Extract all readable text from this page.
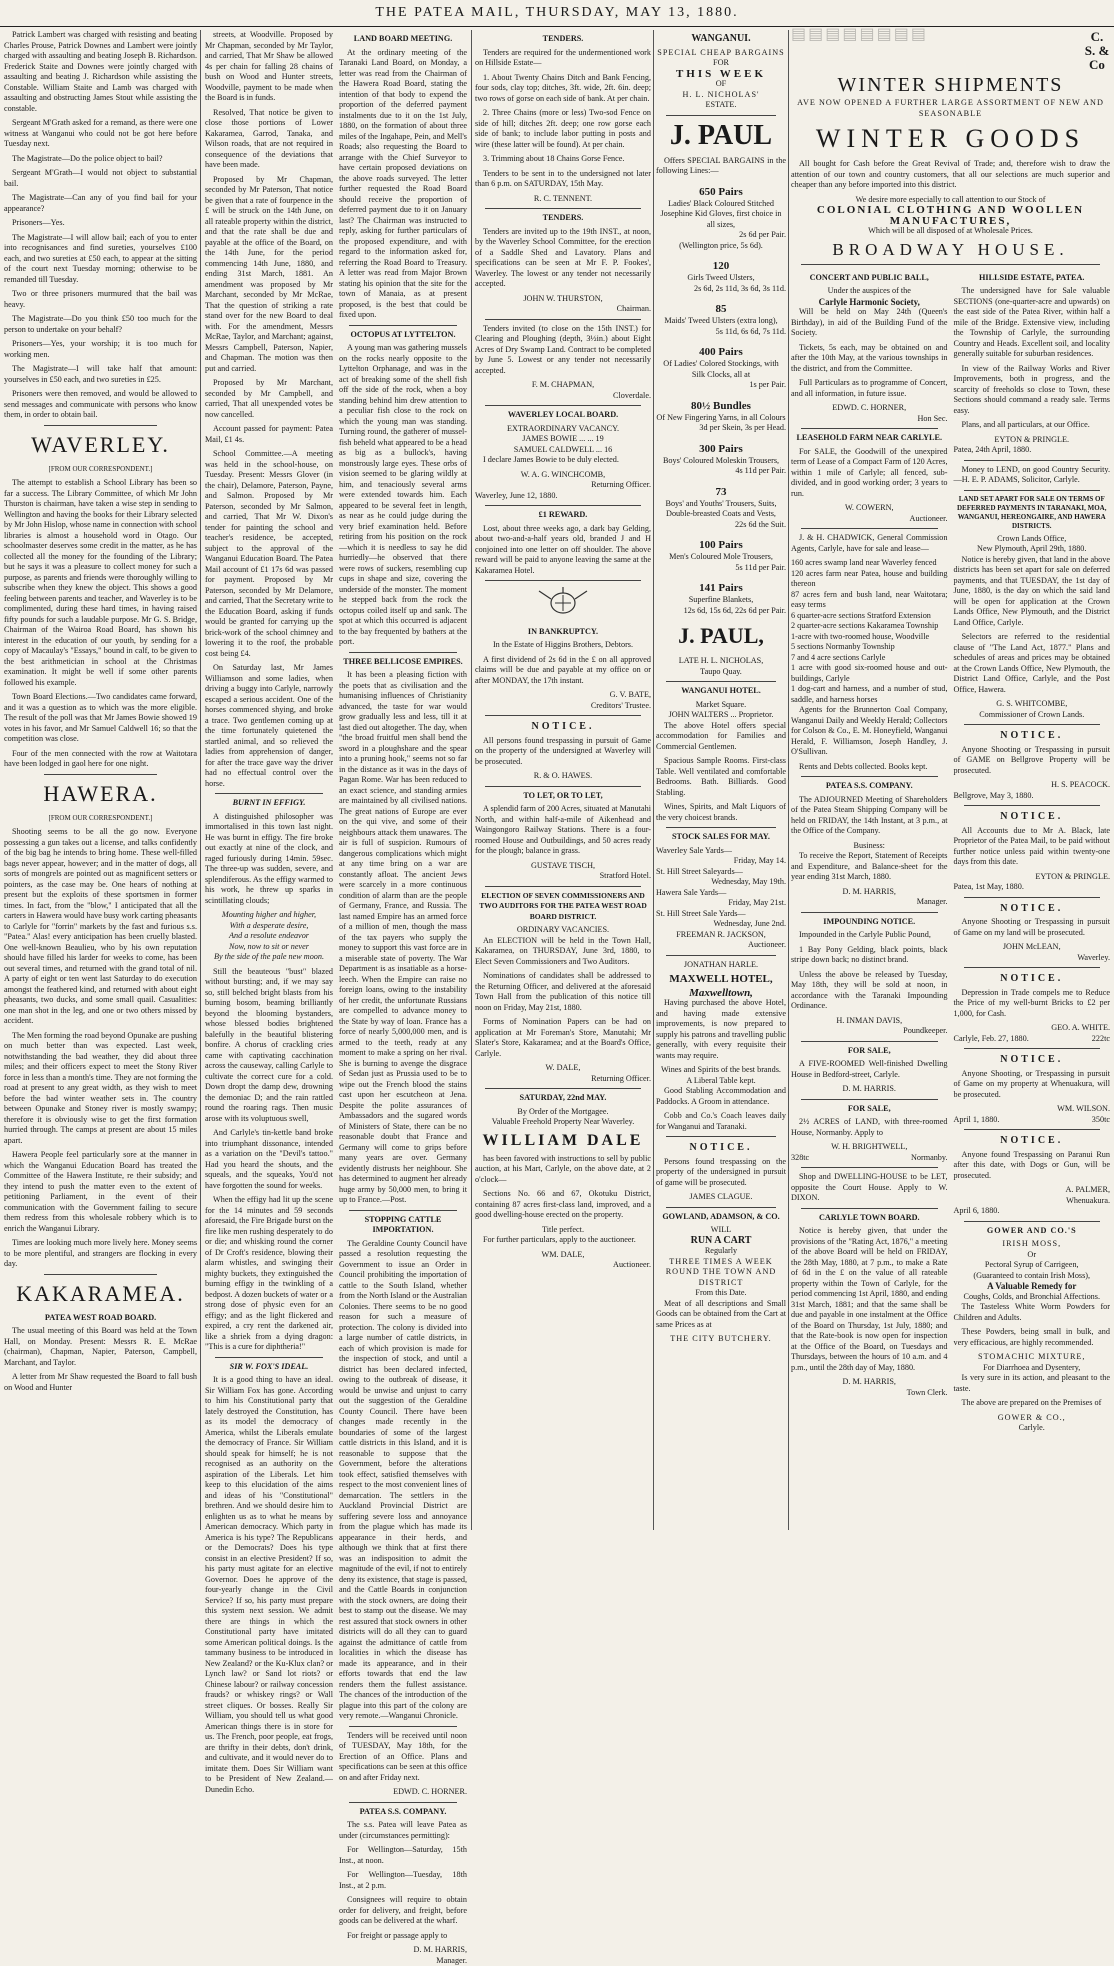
THE PATEA MAIL, THURSDAY, MAY 13, 1880.

Patrick Lambert was charged with resisting and beating Charles Prouse, Patrick Downes and Lambert were jointly charged with assaulting and beating Joseph B. Richardson. Frederick Staite and Downes were jointly charged with assaulting and beating J. Richardson while assisting the Constable. William Staite and Lamb was charged with assaulting and obstructing James Stout while assisting the constable.

Sergeant M'Grath asked for a remand, as there were one witness at Wanganui who could not be got here before Tuesday next.

The Magistrate—Do the police object to bail?

Sergeant M'Grath—I would not object to substantial bail.

The Magistrate—Can any of you find bail for your appearance?

Prisoners—Yes.

The Magistrate—I will allow bail; each of you to enter into recognisances and find sureties, yourselves £100 each, and two sureties at £50 each, to appear at the sitting of the court next Tuesday morning; otherwise to be remanded till Tuesday.

Two or three prisoners murmured that the bail was heavy.

The Magistrate—Do you think £50 too much for the person to undertake on your behalf?

Prisoners—Yes, your worship; it is too much for working men.

The Magistrate—I will take half that amount: yourselves in £50 each, and two sureties in £25.

Prisoners were then removed, and would be allowed to send messages and communicate with persons who know them, in order to obtain bail.

WAVERLEY.
[FROM OUR CORRESPONDENT.]

The attempt to establish a School Library has been so far a success. The Library Committee, of which Mr John Thurston is chairman, have taken a wise step in sending to Wellington and having the books for their Library selected by Mr John Hislop, whose name in connection with school libraries is almost a household word in Otago. Our schoolmaster deserves some credit in the matter, as he has collected all the money for the founding of the Library; but he says it was a pleasure to collect money for such a purpose, as parents and friends were thoroughly willing to subscribe when they knew the object. This shows a good feeling between parents and teacher, and Waverley is to be complimented, during these hard times, in having raised fifty pounds for such a laudable purpose. Mr G. S. Bridge, Chairman of the Wairoa Road Board, has shown his interest in the education of our youth, by sending for a copy of Macaulay's "Essays," bound in calf, to be given to the best arithmetician in school at the Christmas examination. It might be well if some other parents followed his example.

Town Board Elections.—Two candidates came forward, and it was a question as to which was the more eligible. The result of the poll was that Mr James Bowie showed 19 votes in his favor, and Mr Samuel Caldwell 16; so that the competition was close.

Four of the men connected with the row at Waitotara have been lodged in gaol here for one night.

HAWERA.
[FROM OUR CORRESPONDENT.]

Shooting seems to be all the go now. Everyone possessing a gun takes out a license, and talks confidently of the big bag he intends to bring home. These well-filled bags never appear, however; and in the matter of dogs, all sorts of mongrels are pointed out as magnificent setters or pointers, as the case may be. One hears of nothing at present but the exploits of these sportsmen in former times. In fact, from the "blow," I anticipated that all the carters in Hawera would have busy work carting pheasants to Carlyle for "forrin" markets by the fast and furious s.s. "Patea." Alas! every anticipation has been cruelly blasted. One well-known Beaulieu, who by his own reputation should have filled his larder for weeks to come, has been out several times, and returned with the grand total of nil. A party of eight or ten went last Saturday to do execution amongst the feathered kind, and returned with about eight pheasants, two ducks, and some small quail. Casualities: one man shot in the leg, and one or two others missed by accident.

The Men forming the road beyond Opunake are pushing on much better than was expected. Last week, notwithstanding the bad weather, they did about three miles; and their officers expect to meet the Stony River force in less than a month's time. They are not forming the road at present to any great width, as they wish to meet before the bad winter weather sets in. The country between Opunake and Stoney river is mostly swampy; therefore it is obviously wise to get the first formation hurried through. The camps at present are about 15 miles apart.

Hawera People feel particularly sore at the manner in which the Wanganui Education Board has treated the Committee of the Hawera Institute, re their subsidy; and they intend to push the matter even to the extent of petitioning Parliament, in the event of their communication with the Government failing to secure them redress from this wholesale robbery which is to enrich the Wanganui Library.

Times are looking much more lively here. Money seems to be more plentiful, and strangers are flocking in every day.

KAKARAMEA.
PATEA WEST ROAD BOARD.

The usual meeting of this Board was held at the Town Hall, on Monday. Present: Messrs R. E. McRae (chairman), Chapman, Napier, Paterson, Campbell, Marchant, and Taylor.

A letter from Mr Shaw requested the Board to fall bush on Wood and Hunter

streets, at Woodville. Proposed by Mr Chapman, seconded by Mr Taylor, and carried, That Mr Shaw be allowed 4s per chain for falling 28 chains of bush on Wood and Hunter streets, Woodville, payment to be made when the Board is in funds.

Resolved, That notice be given to close those portions of Lower Kakaramea, Garrod, Tanaka, and Wilson roads, that are not required in consequence of the deviations that have been made.

Proposed by Mr Chapman, seconded by Mr Paterson, That notice be given that a rate of fourpence in the £ will be struck on the 14th June, on all rateable property within the district, and that the rate shall be due and payable at the office of the Board, on the 14th June, for the period commencing 14th June, 1880, and ending 31st March, 1881. An amendment was proposed by Mr Marchant, seconded by Mr McRae, That the question of striking a rate stand over for the new Board to deal with. For the amendment, Messrs McRae, Taylor, and Marchant; against, Messrs Campbell, Paterson, Napier, and Chapman. The motion was then put and carried.

Proposed by Mr Marchant, seconded by Mr Campbell, and carried, That all unexpended votes be now cancelled.

Account passed for payment: Patea Mail, £1 4s.

School Committee.—A meeting was held in the school-house, on Tuesday. Present: Messrs Glover (in the chair), Delamore, Paterson, Payne, and Salmon. Proposed by Mr Paterson, seconded by Mr Salmon, and carried, That Mr W. Dixon's tender for painting the school and teacher's residence, be accepted, subject to the approval of the Wanganui Education Board. The Patea Mail account of £1 17s 6d was passed for payment. Proposed by Mr Paterson, seconded by Mr Delamore, and carried, That the Secretary write to the Education Board, asking if funds would be granted for carrying up the brick-work of the school chimney and lowering it to the roof, the probable cost being £4.

On Saturday last, Mr James Williamson and some ladies, when driving a buggy into Carlyle, narrowly escaped a serious accident. One of the horses commenced shying, and broke a trace. Two gentlemen coming up at the time fortunately quietened the startled animal, and so relieved the ladies from apprehension of danger, for after the trace gave way the driver had no effectual control over the horse.

BURNT IN EFFIGY.

A distinguished philosopher was immortalised in this town last night. He was burnt in effigy. The fire broke out exactly at nine of the clock, and raged furiously during 14min. 59sec. The three-up was sudden, severe, and splendiferous. As the effigy warmed to his work, he threw up sparks in scintillating clouds;

Mounting higher and higher,
With a desperate desire,
And a resolute endeavor
Now, now to sit or never
By the side of the pale new moon.

Still the beauteous "bust" blazed without bursting; and, if we may say so, still belched bright blasts from his burning bosom, beaming brilliantly beyond the blooming bystanders, whose blessed bodies brightened balefully in the beautiful blistering bonfire. A chorus of crackling cries came with captivating cacchination across the causeway, calling Carlyle to cultivate the correct cure for a cold. Down dropt the damp dew, drowning the demoniac D; and the rain rattled round the roaring rags. Then music arose with its voluptuous swell,

And Carlyle's tin-kettle band broke into triumphant dissonance, intended as a variation on the "Devil's tattoo." Had you heard the shouts, and the squeals, and the squeaks, You'd not have forgotten the sound for weeks.

When the effigy had lit up the scene for the 14 minutes and 59 seconds aforesaid, the Fire Brigade burst on the fire like men rushing desperately to do or die; and whisking round the corner of Dr Croft's residence, blowing their alarm whistles, and swinging their mighty buckets, they extinguished the burning effigy in the twinkling of a bedpost. A dozen buckets of water or a strong dose of physic even for an effigy; and as the light flickered and expired, a cry rent the darkened air, like a shriek from a dying dragon: "This is a cure for diphtheria!"

SIR W. FOX'S IDEAL.

It is a good thing to have an ideal. Sir William Fox has gone. According to him his Constitutional party that lately destroyed the Constitution, has as its model the democracy of America, whilst the Liberals emulate the democracy of France. Sir William should speak for himself; he is not recognised as an authority on the aspiration of the Liberals. Let him keep to this elucidation of the aims and ideas of his "Constitutional" brethren. And we should desire him to enlighten us as to what he means by American democracy. Which party in America is his type? The Republicans or the Democrats? Does his type consist in an elective President? If so, his party must agitate for an elective Governor. Does he approve of the four-yearly change in the Civil Service? If so, his party must prepare this system next session. We admit there are things in which the Constitutional party have imitated some American political doings. Is the tammany business to be introduced in New Zealand? or the Ku-Klux clan? or Lynch law? or Sand lot riots? or Chinese labour? or railway concession frauds? or whiskey rings? or Wall street cliques. Or bosses. Really Sir William, you should tell us what good American things there is in store for us. The French, poor people, eat frogs, are thrifty in their debts, don't drink, and cultivate, and it would never do to imitate them. Does Sir William want to be President of New Zealand.—Dunedin Echo.

LAND BOARD MEETING.

At the ordinary meeting of the Taranaki Land Board, on Monday, a letter was read from the Chairman of the Hawera Road Board, stating the intention of that body to expend the proportion of the deferred payment instalments due to it on the 1st July, 1880, on the formation of about three miles of the Ingahape, Pein, and Mell's Roads; also requesting the Board to arrange with the Chief Surveyor to have certain proposed deviations on the above roads surveyed. The letter further requested the Road Board should receive the proportion of deferred payment due to it on January last? The Chairman was instructed to reply, asking for further particulars of the proposed expenditure, and with regard to the information asked for, referring the Road Board to Treasury. A letter was read from Major Brown stating his opinion that the site for the town of Manaia, as at present proposed, is the best that could be fixed upon.

OCTOPUS AT LYTTELTON.

A young man was gathering mussels on the rocks nearly opposite to the Lyttelton Orphanage, and was in the act of breaking some of the shell fish off the side of the rock, when a boy standing behind him drew attention to a peculiar fish close to the rock on which the young man was standing. Turning round, the gatherer of mussel-fish beheld what appeared to be a head as big as a bullock's, having monstrously large eyes. These orbs of vision seemed to be glaring wildly at him, and tenaciously several arms were extended towards him. Each appeared to be several feet in length, as near as he could judge during the very brief examination held. Before retiring from his position on the rock—which it is needless to say he did hurriedly—he observed that there were rows of suckers, resembling cup cups in shape and size, covering the underside of the monster. The moment he stepped back from the rock the octopus coiled itself up and sank. The spot at which this occurred is adjacent to the bay frequented by bathers at the port.

THREE BELLICOSE EMPIRES.

It has been a pleasing fiction with the poets that as civilisation and the humanising influences of Christianity advanced, the taste for war would grow gradually less and less, till it at last died out altogether. The day, when "the broad fruitful men shall bend the sword in a ploughshare and the spear into a pruning hook," seems not so far in the distance as it was in the days of Pagan Rome. War has been reduced to an exact science, and standing armies are maintained by all civilised nations. The great nations of Europe are ever on the qui vive, and some of their neighbours attack them unawares. The air is full of suspicion. Rumours of dangerous complications which might at any time bring on a war are constantly afloat. The ancient Jews were scarcely in a more continuous condition of alarm than are the people of Germany, France, and Russia. The last named Empire has an armed force of a million of men, though the mass of the tax payers who supply the money to support this vast force are in a miserable state of poverty. The War Department is as insatiable as a horse-leech. When the Empire can raise no foreign loans, owing to the instability of her credit, the unfortunate Russians are compelled to advance money to the State by way of loan. France has a force of nearly 5,000,000 men, and is armed to the teeth, ready at any moment to make a spring on her rival. She is burning to avenge the disgrace of Sedan just as Prussia used to be to wipe out the French blood the stains cast upon her escutcheon at Jena. Despite the polite assurances of Ambassadors and the sugared words of Ministers of State, there can be no reasonable doubt that France and Germany will come to grips before many years are over. Germany evidently distrusts her neighbour. She has determined to augment her already huge army by 50,000 men, to bring it up to France.—Post.

STOPPING CATTLE IMPORTATION.

The Geraldine County Council have passed a resolution requesting the Government to issue an Order in Council prohibiting the importation of cattle to the South Island, whether from the North Island or the Australian Colonies. There seems to be no good reason for such a measure of protection. The colony is divided into a large number of cattle districts, in each of which provision is made for the inspection of stock, and until a district has been declared infected, owing to the outbreak of disease, it would be unwise and unjust to carry out the suggestion of the Geraldine County Council. There have been changes made recently in the boundaries of some of the largest cattle districts in this Island, and it is reasonable to suppose that the Government, before the alterations took effect, satisfied themselves with respect to the most convenient lines of demarcation. The settlers in the Auckland Provincial District are suffering severe loss and annoyance from the plague which has made its appearance in their herds, and although we think that at first there was an indisposition to admit the magnitude of the evil, if not to entirely deny its existence, that stage is passed, and the Cattle Boards in conjunction with the stock owners, are doing their best to stamp out the disease. We may rest assured that stock owners in other districts will do all they can to guard against the admittance of cattle from localities in which the disease has made its appearance, and in their efforts towards that end the law renders them the fullest assistance. The chances of the introduction of the plague into this part of the colony are very remote.—Wanganui Chronicle.

Tenders will be received until noon of TUESDAY, May 18th, for the Erection of an Office. Plans and specifications can be seen at this office on and after Friday next.

EDWD. C. HORNER.
PATEA S.S. COMPANY.

The s.s. Patea will leave Patea as under (circumstances permitting):

For Wellington—Saturday, 15th Inst., at noon.

For Wellington—Tuesday, 18th Inst., at 2 p.m.

Consignees will require to obtain order for delivery, and freight, before goods can be delivered at the wharf.

For freight or passage apply to

D. M. HARRIS,
Manager.
TENDERS.

Tenders are required for the undermentioned work on Hillside Estate—

1. About Twenty Chains Ditch and Bank Fencing, four sods, clay top; ditches, 3ft. wide, 2ft. 6in. deep; two rows of gorse on each side of bank. At per chain.

2. Three Chains (more or less) Two-sod Fence on side of hill; ditches 2ft. deep; one row gorse each side of bank; to include labor putting in posts and wire (these latter will be found). At per chain.

3. Trimming about 18 Chains Gorse Fence.

Tenders to be sent in to the undersigned not later than 6 p.m. on SATURDAY, 15th May.

R. C. TENNENT.
TENDERS.

Tenders are invited up to the 19th INST., at noon, by the Waverley School Committee, for the erection of a Saddle Shed and Lavatory. Plans and specifications can be seen at Mr F. P. Fookes', Waverley. The lowest or any tender not necessarily accepted.

JOHN W. THURSTON,
Chairman.

Tenders invited (to close on the 15th INST.) for Clearing and Ploughing (depth, 3½in.) about Eight Acres of Dry Swamp Land. Contract to be completed by June 5. Lowest or any tender not necessarily accepted.

F. M. CHAPMAN,
Cloverdale.
WAVERLEY LOCAL BOARD.
EXTRAORDINARY VACANCY.
JAMES BOWIE ... ... 19
SAMUEL CALDWELL ... 16

I declare James Bowie to be duly elected.

W. A. G. WINCHCOMB,
Returning Officer.
Waverley, June 12, 1880.
£1 REWARD.

Lost, about three weeks ago, a dark bay Gelding, about two-and-a-half years old, branded J and H conjoined into one letter on off shoulder. The above reward will be paid to anyone leaving the same at the Kakaramea Hotel.

IN BANKRUPTCY.

In the Estate of Higgins Brothers, Debtors.

A first dividend of 2s 6d in the £ on all approved claims will be due and payable at my office on or after MONDAY, the 17th instant.

G. V. BATE,
Creditors' Trustee.
NOTICE.

All persons found trespassing in pursuit of Game on the property of the undersigned at Waverley will be prosecuted.

R. & O. HAWES.
TO LET, OR TO LET,

A splendid farm of 200 Acres, situated at Manutahi North, and within half-a-mile of Aikenhead and Waingongoro Railway Stations. There is a four-roomed House and Outbuildings, and 50 acres ready for the plough; balance in grass.

GUSTAVE TISCH,
Stratford Hotel.
ELECTION OF SEVEN COMMISSIONERS AND TWO AUDITORS FOR THE PATEA WEST ROAD BOARD DISTRICT.
ORDINARY VACANCIES.

An ELECTION will be held in the Town Hall, Kakaramea, on THURSDAY, June 3rd, 1880, to Elect Seven Commissioners and Two Auditors.

Nominations of candidates shall be addressed to the Returning Officer, and delivered at the aforesaid Town Hall from the publication of this notice till noon on Friday, May 21st, 1880.

Forms of Nomination Papers can be had on application at Mr Foreman's Store, Manutahi; Mr Slater's Store, Kakaramea; and at the Board's Office, Carlyle.

W. DALE,
Returning Officer.
SATURDAY, 22nd MAY.
By Order of the Mortgagee.
Valuable Freehold Property Near Waverley.
WILLIAM DALE

has been favored with instructions to sell by public auction, at his Mart, Carlyle, on the above date, at 2 o'clock—

Sections No. 66 and 67, Okotuku District, containing 87 acres first-class land, improved, and a good dwelling-house erected on the property.

Title perfect.

For further particulars, apply to the auctioneer.

WM. DALE,
Auctioneer.
WANGANUI.
SPECIAL CHEAP BARGAINS
FOR
THIS WEEK
OF
H. L. NICHOLAS'
ESTATE.
J. PAUL

Offers SPECIAL BARGAINS in the following Lines:—

650 Pairs
Ladies' Black Coloured Stitched Josephine Kid Gloves, first choice in all sizes,
2s 6d per Pair.
(Wellington price, 5s 6d).
120
Girls Tweed Ulsters,
2s 6d, 2s 11d, 3s 6d, 3s 11d.
85
Maids' Tweed Ulsters (extra long),
5s 11d, 6s 6d, 7s 11d.
400 Pairs
Of Ladies' Colored Stockings, with Silk Clocks, all at
1s per Pair.
80½ Bundles
Of New Fingering Yarns, in all Colours
3d per Skein, 3s per Head.
300 Pairs
Boys' Coloured Moleskin Trousers,
4s 11d per Pair.
73
Boys' and Youths' Trousers, Suits, Double-breasted Coats and Vests,
22s 6d the Suit.
100 Pairs
Men's Coloured Mole Trousers,
5s 11d per Pair.
141 Pairs
Superfine Blankets,
12s 6d, 15s 6d, 22s 6d per Pair.
J. PAUL,
LATE H. L. NICHOLAS,
Taupo Quay.
WANGANUI HOTEL.
Market Square.
JOHN WALTERS ... Proprietor.

The above Hotel offers special accommodation for Families and Commercial Gentlemen.

Spacious Sample Rooms. First-class Table. Well ventilated and comfortable Bedrooms. Bath. Billiards. Good Stabling.

Wines, Spirits, and Malt Liquors of the very choicest brands.

STOCK SALES FOR MAY.
Waverley Sale Yards—
Friday, May 14.
St. Hill Street Saleyards—
Wednesday, May 19th.
Hawera Sale Yards—
Friday, May 21st.
St. Hill Street Sale Yards—
Wednesday, June 2nd.
FREEMAN R. JACKSON,
Auctioneer.
JONATHAN HARLE.
MAXWELL HOTEL,
Maxwelltown,

Having purchased the above Hotel, and having made extensive improvements, is now prepared to supply his patrons and travelling public generally, with every requisite their wants may require.

Wines and Spirits of the best brands.
A Liberal Table kept.

Good Stabling Accommodation and Paddocks. A Groom in attendance.

Cobb and Co.'s Coach leaves daily for Wanganui and Taranaki.

NOTICE.

Persons found trespassing on the property of the undersigned in pursuit of game will be prosecuted.

JAMES CLAGUE.
GOWLAND, ADAMSON, & CO.
WILL
RUN A CART
Regularly
THREE TIMES A WEEK
ROUND THE TOWN AND DISTRICT
From this Date.

Meat of all descriptions and Small Goods can be obtained from the Cart at same Prices as at

THE CITY BUTCHERY.
▤▤▤▤▤▤▤▤	C. S. & Co
WINTER SHIPMENTS
AVE NOW OPENED A FURTHER LARGE ASSORTMENT OF NEW AND SEASONABLE
WINTER GOODS

All bought for Cash before the Great Revival of Trade; and, therefore wish to draw the attention of our town and country customers, that all our selections are much superior and cheaper than any before imported into this district.

We desire more especially to call attention to our Stock of
COLONIAL CLOTHING AND WOOLLEN MANUFACTURES,
Which will be all disposed of at Wholesale Prices.
BROADWAY HOUSE.
CONCERT AND PUBLIC BALL,
Under the auspices of the
Carlyle Harmonic Society,

Will be held on May 24th (Queen's Birthday), in aid of the Building Fund of the Society.

Tickets, 5s each, may be obtained on and after the 10th May, at the various townships in the district, and from the Committee.

Full Particulars as to programme of Concert, and all information, in future issue.

EDWD. C. HORNER,
Hon Sec.
LEASEHOLD FARM NEAR CARLYLE.

For SALE, the Goodwill of the unexpired term of Lease of a Compact Farm of 120 Acres, within 1 mile of Carlyle; all fenced, sub-divided, and in good working order; 3 years to run.

W. COWERN,
Auctioneer.

J. & H. CHADWICK, General Commission Agents, Carlyle, have for sale and lease—

160 acres swamp land near Waverley fenced
120 acres farm near Patea, house and building thereon
87 acres fern and bush land, near Waitotara; easy terms
6 quarter-acre sections Stratford Extension
2 quarter-acre sections Kakaramea Township
1-acre with two-roomed house, Woodville
5 sections Normanby Township
7 and 4 acre sections Carlyle
1 acre with good six-roomed house and out-buildings, Carlyle
1 dog-cart and harness, and a number of stud, saddle, and harness horses

Agents for the Brunnerton Coal Company, Wanganui Daily and Weekly Herald; Collectors for Colson & Co., E. M. Honeyfield, Wanganui Herald, F. Williamson, Joseph Handley, J. O'Sullivan.

Rents and Debts collected. Books kept.

PATEA S.S. COMPANY.

The ADJOURNED Meeting of Shareholders of the Patea Steam Shipping Company will be held on FRIDAY, the 14th Instant, at 3 p.m., at the Office of the Company.

Business:

To receive the Report, Statement of Receipts and Expenditure, and Balance-sheet for the year ending 31st March, 1880.

D. M. HARRIS,
Manager.
IMPOUNDING NOTICE.

Impounded in the Carlyle Public Pound,

1 Bay Pony Gelding, black points, black stripe down back; no distinct brand.

Unless the above be released by Tuesday, May 18th, they will be sold at noon, in accordance with the Taranaki Impounding Ordinance.

H. INMAN DAVIS,
Poundkeeper.
FOR SALE,

A FIVE-ROOMED Well-finished Dwelling House in Bedford-street, Carlyle.

D. M. HARRIS.
FOR SALE,

2½ ACRES of LAND, with three-roomed House, Normanby. Apply to

W. H. BRIGHTWELL,
328tc	Normanby.

Shop and DWELLING-HOUSE to be LET, opposite the Court House. Apply to W. DIXON.

CARLYLE TOWN BOARD.

Notice is hereby given, that under the provisions of the "Rating Act, 1876," a meeting of the above Board will be held on FRIDAY, the 28th May, 1880, at 7 p.m., to make a Rate of 6d in the £ on the value of all rateable property within the Town of Carlyle, for the period commencing 1st April, 1880, and ending 31st March, 1881; and that the same shall be due and payable in one instalment at the Office of the Board on Thursday, 1st July, 1880; and that the Rate-book is now open for inspection at the Office of the Board, on Tuesdays and Thursdays, between the hours of 10 a.m. and 4 p.m., until the 28th day of May, 1880.

D. M. HARRIS,
Town Clerk.
HILLSIDE ESTATE, PATEA.

The undersigned have for Sale valuable SECTIONS (one-quarter-acre and upwards) on the east side of the Patea River, within half a mile of the Bridge. Extensive view, including the Township of Carlyle, the surrounding Country and Heads. Excellent soil, and locality generally suitable for suburban residences.

In view of the Railway Works and River Improvements, both in progress, and the scarcity of freeholds so close to Town, these Sections should command a ready sale. Terms easy.

Plans, and all particulars, at our Office.

EYTON & PRINGLE.
Patea, 24th April, 1880.

Money to LEND, on good Country Security.—H. E. P. ADAMS, Solicitor, Carlyle.

LAND SET APART FOR SALE ON TERMS OF DEFERRED PAYMENTS IN TARANAKI, MOA, WANGANUI, HEREONGAIRE, AND HAWERA DISTRICTS.
Crown Lands Office,
New Plymouth, April 29th, 1880.

Notice is hereby given, that land in the above districts has been set apart for sale on deferred payments, and that TUESDAY, the 1st day of June, 1880, is the day on which the said land will be open for application at the Crown Lands Office, New Plymouth, and the District Land Office, Carlyle.

Selectors are referred to the residential clause of "The Land Act, 1877." Plans and schedules of areas and prices may be obtained at the Crown Lands Office, New Plymouth, the District Land Office, Carlyle, and the Post Office, Hawera.

G. S. WHITCOMBE,
Commissioner of Crown Lands.
NOTICE.

Anyone Shooting or Trespassing in pursuit of GAME on Bellgrove Property will be prosecuted.

H. S. PEACOCK.
Bellgrove, May 3, 1880.
NOTICE.

All Accounts due to Mr A. Black, late Proprietor of the Patea Mail, to be paid without further notice unless paid within twenty-one days from this date.

EYTON & PRINGLE.
Patea, 1st May, 1880.
NOTICE.

Anyone Shooting or Trespassing in pursuit of Game on my land will be prosecuted.

JOHN McLEAN,
Waverley.
NOTICE.

Depression in Trade compels me to Reduce the Price of my well-burnt Bricks to £2 per 1,000, for Cash.

GEO. A. WHITE.
Carlyle, Feb. 27, 1880.	222tc
NOTICE.

Anyone Shooting, or Trespassing in pursuit of Game on my property at Whenuakura, will be prosecuted.

WM. WILSON.
April 1, 1880.	350tc
NOTICE.

Anyone found Trespassing on Paranui Run after this date, with Dogs or Gun, will be prosecuted.

A. PALMER,
Whenuakura.
April 6, 1880.
GOWER AND CO.'S
IRISH MOSS,
Or
Pectoral Syrup of Carrigeen,
(Guaranteed to contain Irish Moss),
A Valuable Remedy for
Coughs, Colds, and Bronchial Affections.

The Tasteless White Worm Powders for Children and Adults.

These Powders, being small in bulk, and very efficacious, are highly recommended.

STOMACHIC MIXTURE,
For Diarrhoea and Dysentery,

Is very sure in its action, and pleasant to the taste.

The above are prepared on the Premises of

GOWER & CO.,
Carlyle.
